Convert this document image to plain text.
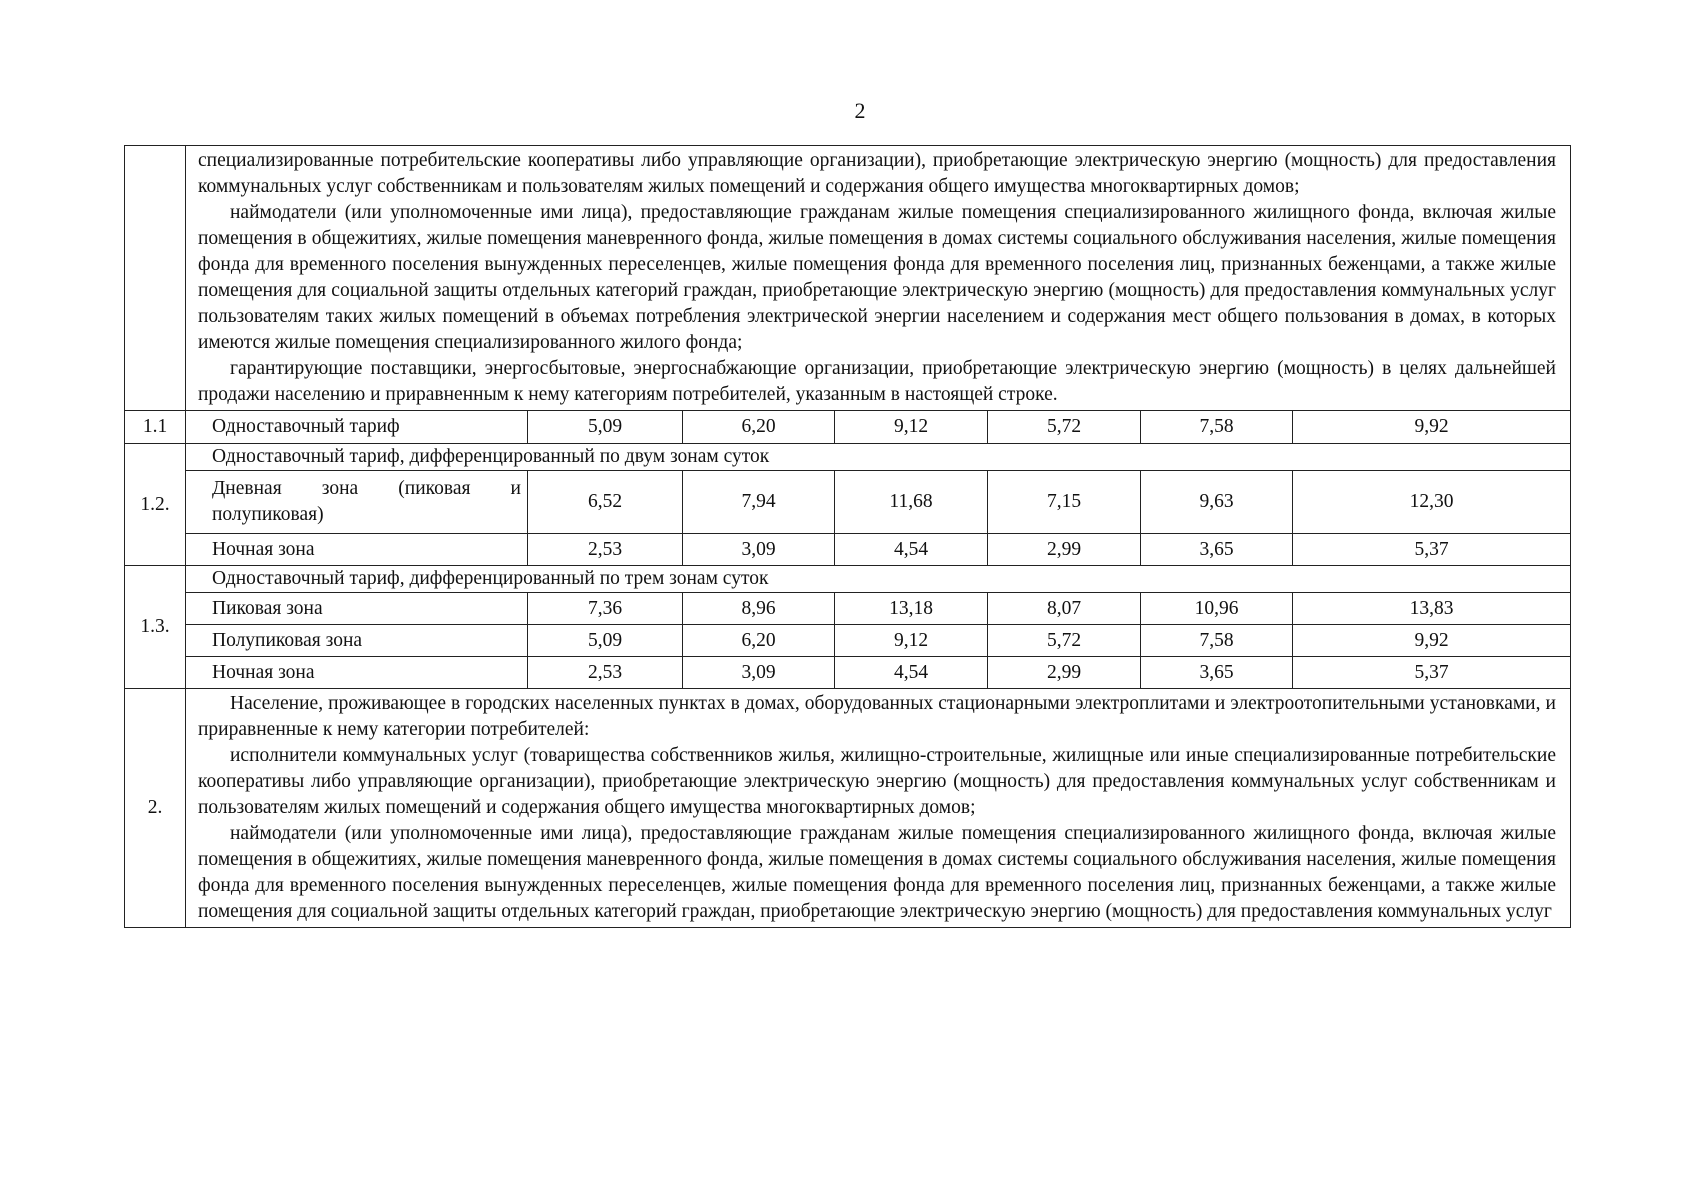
2

	специализированные потребительские кооперативы либо управляющие организации), приобретающие электрическую энергию (мощность) для предоставления коммунальных услуг собственникам и пользователям жилых помещений и содержания общего имущества многоквартирных домов;

наймодатели (или уполномоченные ими лица), предоставляющие гражданам жилые помещения специализированного жилищного фонда, включая жилые помещения в общежитиях, жилые помещения маневренного фонда, жилые помещения в домах системы социального обслуживания населения, жилые помещения фонда для временного поселения вынужденных переселенцев, жилые помещения фонда для временного поселения лиц, признанных беженцами, а также жилые помещения для социальной защиты отдельных категорий граждан, приобретающие электрическую энергию (мощность) для предоставления коммунальных услуг пользователям таких жилых помещений в объемах потребления электрической энергии населением и содержания мест общего пользования в домах, в которых имеются жилые помещения специализированного жилого фонда;

гарантирующие поставщики, энергосбытовые, энергоснабжающие организации, приобретающие электрическую энергию (мощность) в целях дальнейшей продажи населению и приравненным к нему категориям потребителей, указанным в настоящей строке.						

1.1	Одноставочный тариф	5,09	6,20	9,12	5,72	7,58	9,92
1.2.	Одноставочный тариф, дифференцированный по двум зонам суток						
	Дневная зона (пиковая и полупиковая)	6,52	7,94	11,68	7,15	9,63	12,30
	Ночная зона	2,53	3,09	4,54	2,99	3,65	5,37
1.3.	Одноставочный тариф, дифференцированный по трем зонам суток						
	Пиковая зона	7,36	8,96	13,18	8,07	10,96	13,83
	Полупиковая зона	5,09	6,20	9,12	5,72	7,58	9,92
	Ночная зона	2,53	3,09	4,54	2,99	3,65	5,37
2.	Население, проживающее в городских населенных пунктах в домах, оборудованных стационарными электроплитами и электроотопительными установками, и приравненные к нему категории потребителей:

исполнители коммунальных услуг (товарищества собственников жилья, жилищно-строительные, жилищные или иные специализированные потребительские кооперативы либо управляющие организации), приобретающие электрическую энергию (мощность) для предоставления коммунальных услуг собственникам и пользователям жилых помещений и содержания общего имущества многоквартирных домов;

наймодатели (или уполномоченные ими лица), предоставляющие гражданам жилые помещения специализированного жилищного фонда, включая жилые помещения в общежитиях, жилые помещения маневренного фонда, жилые помещения в домах системы социального обслуживания населения, жилые помещения фонда для временного поселения вынужденных переселенцев, жилые помещения фонда для временного поселения лиц, признанных беженцами, а также жилые помещения для социальной защиты отдельных категорий граждан, приобретающие электрическую энергию (мощность) для предоставления коммунальных услуг						
